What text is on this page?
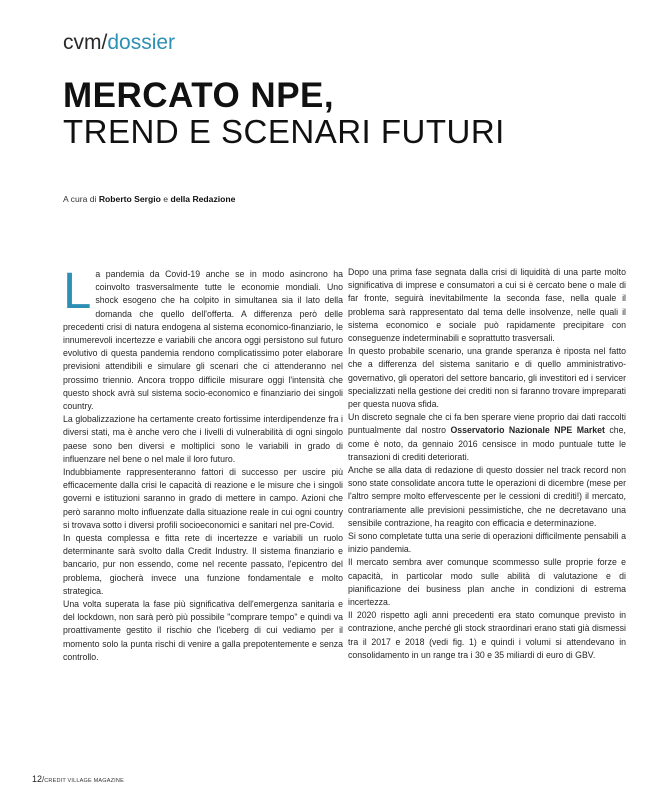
cvm/dossier
MERCATO NPE,
TREND E SCENARI FUTURI
A cura di Roberto Sergio e della Redazione

La pandemia da Covid-19 anche se in modo asincrono ha coinvolto trasversalmente tutte le economie mondiali. Uno shock esogeno che ha colpito in simultanea sia il lato della domanda che quello dell'offerta. A differenza però delle precedenti crisi di natura endogena al sistema economico-finanziario, le innumerevoli incertezze e variabili che ancora oggi persistono sul futuro evolutivo di questa pandemia rendono complicatissimo poter elaborare previsioni attendibili e simulare gli scenari che ci attenderanno nel prossimo triennio. Ancora troppo difficile misurare oggi l'intensità che questo shock avrà sul sistema socio-economico e finanziario dei singoli country.

La globalizzazione ha certamente creato fortissime interdipendenze fra i diversi stati, ma è anche vero che i livelli di vulnerabilità di ogni singolo paese sono ben diversi e moltiplici sono le variabili in grado di influenzare nel bene o nel male il loro futuro.

Indubbiamente rappresenteranno fattori di successo per uscire più efficacemente dalla crisi le capacità di reazione e le misure che i singoli governi e istituzioni saranno in grado di mettere in campo. Azioni che però saranno molto influenzate dalla situazione reale in cui ogni country si trovava sotto i diversi profili socioeconomici e sanitari nel pre-Covid.

In questa complessa e fitta rete di incertezze e variabili un ruolo determinante sarà svolto dalla Credit Industry. Il sistema finanziario e bancario, pur non essendo, come nel recente passato, l'epicentro del problema, giocherà invece una funzione fondamentale e molto strategica.

Una volta superata la fase più significativa dell'emergenza sanitaria e del lockdown, non sarà però più possibile "comprare tempo" e quindi va proattivamente gestito il rischio che l'iceberg di cui vediamo per il momento solo la punta rischi di venire a galla prepotentemente e senza controllo.

Dopo una prima fase segnata dalla crisi di liquidità di una parte molto significativa di imprese e consumatori a cui si è cercato bene o male di far fronte, seguirà inevitabilmente la seconda fase, nella quale il problema sarà rappresentato dal tema delle insolvenze, nelle quali il sistema economico e sociale può rapidamente precipitare con conseguenze indeterminabili e soprattutto trasversali.

In questo probabile scenario, una grande speranza è riposta nel fatto che a differenza del sistema sanitario e di quello amministrativo-governativo, gli operatori del settore bancario, gli investitori ed i servicer specializzati nella gestione dei crediti non si faranno trovare impreparati per questa nuova sfida.

Un discreto segnale che ci fa ben sperare viene proprio dai dati raccolti puntualmente dal nostro Osservatorio Nazionale NPE Market che, come è noto, da gennaio 2016 censisce in modo puntuale tutte le transazioni di crediti deteriorati.

Anche se alla data di redazione di questo dossier nel track record non sono state consolidate ancora tutte le operazioni di dicembre (mese per l'altro sempre molto effervescente per le cessioni di crediti!) il mercato, contrariamente alle previsioni pessimistiche, che ne decretavano una sensibile contrazione, ha reagito con efficacia e determinazione.

Si sono completate tutta una serie di operazioni difficilmente pensabili a inizio pandemia.

Il mercato sembra aver comunque scommesso sulle proprie forze e capacità, in particolar modo sulle abilità di valutazione e di pianificazione dei business plan anche in condizioni di estrema incertezza.

Il 2020 rispetto agli anni precedenti era stato comunque previsto in contrazione, anche perché gli stock straordinari erano stati già dismessi tra il 2017 e 2018 (vedi fig. 1) e quindi i volumi si attendevano in consolidamento in un range tra i 30 e 35 miliardi di euro di GBV.

12/CREDIT VILLAGE MAGAZINE
